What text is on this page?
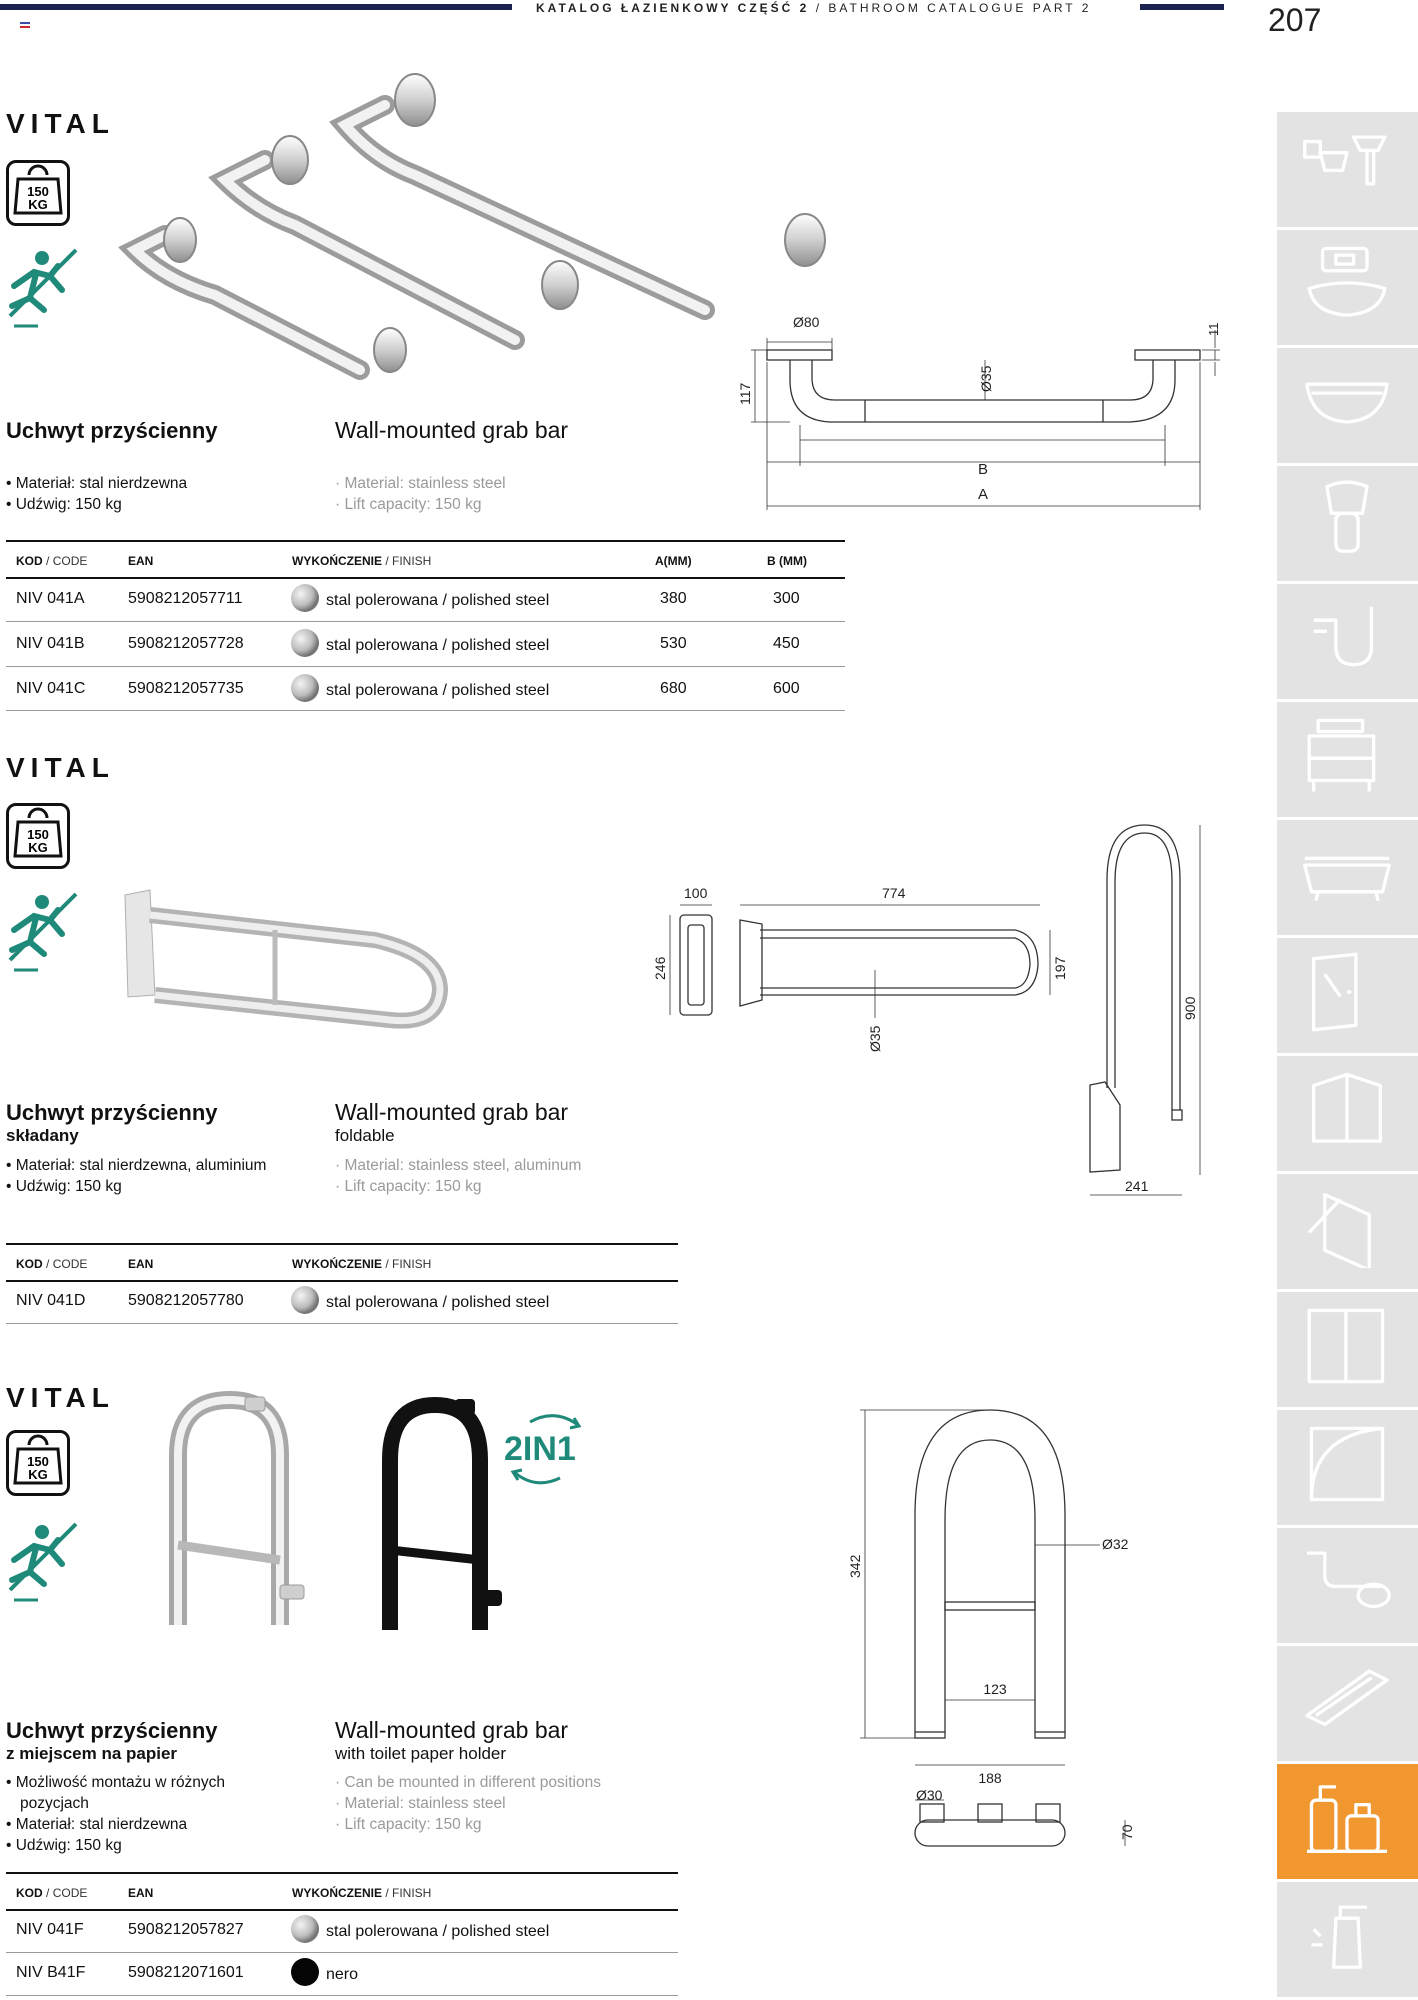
KATALOG ŁAZIENKOWY CZĘŚĆ 2 / BATHROOM CATALOGUE PART 2	207
VITAL
150
KG
Ø80
Ø35
117
11
B
A
Uchwyt przyścienny	Wall-mounted grab bar
• Materiał: stal nierdzewna
• Udźwig: 150 kg
· Material: stainless steel
· Lift capacity: 150 kg
KOD / CODE	EAN	WYKOŃCZENIE / FINISH	A(MM)	B (MM)
NIV 041A	5908212057711	stal polerowana / polished steel	380	300
NIV 041B	5908212057728	stal polerowana / polished steel	530	450
NIV 041C	5908212057735	stal polerowana / polished steel	680	600
VITAL
150
KG
100	774
246	197
Ø35
900
241
Uchwyt przyścienny
składany
Wall-mounted grab bar
foldable
• Materiał: stal nierdzewna, aluminium
• Udźwig: 150 kg
· Material: stainless steel, aluminum
· Lift capacity: 150 kg
KOD / CODE	EAN	WYKOŃCZENIE / FINISH
NIV 041D	5908212057780	stal polerowana / polished steel
VITAL
150
KG
2IN1
342
Ø32
123
188
Ø30
70
Uchwyt przyścienny
z miejscem na papier
Wall-mounted grab bar
with toilet paper holder
• Możliwość montażu w różnych
pozycjach
• Materiał: stal nierdzewna
• Udźwig: 150 kg
· Can be mounted in different positions
· Material: stainless steel
· Lift capacity: 150 kg
KOD / CODE	EAN	WYKOŃCZENIE / FINISH
NIV 041F	5908212057827	stal polerowana / polished steel
NIV B41F	5908212071601	nero
